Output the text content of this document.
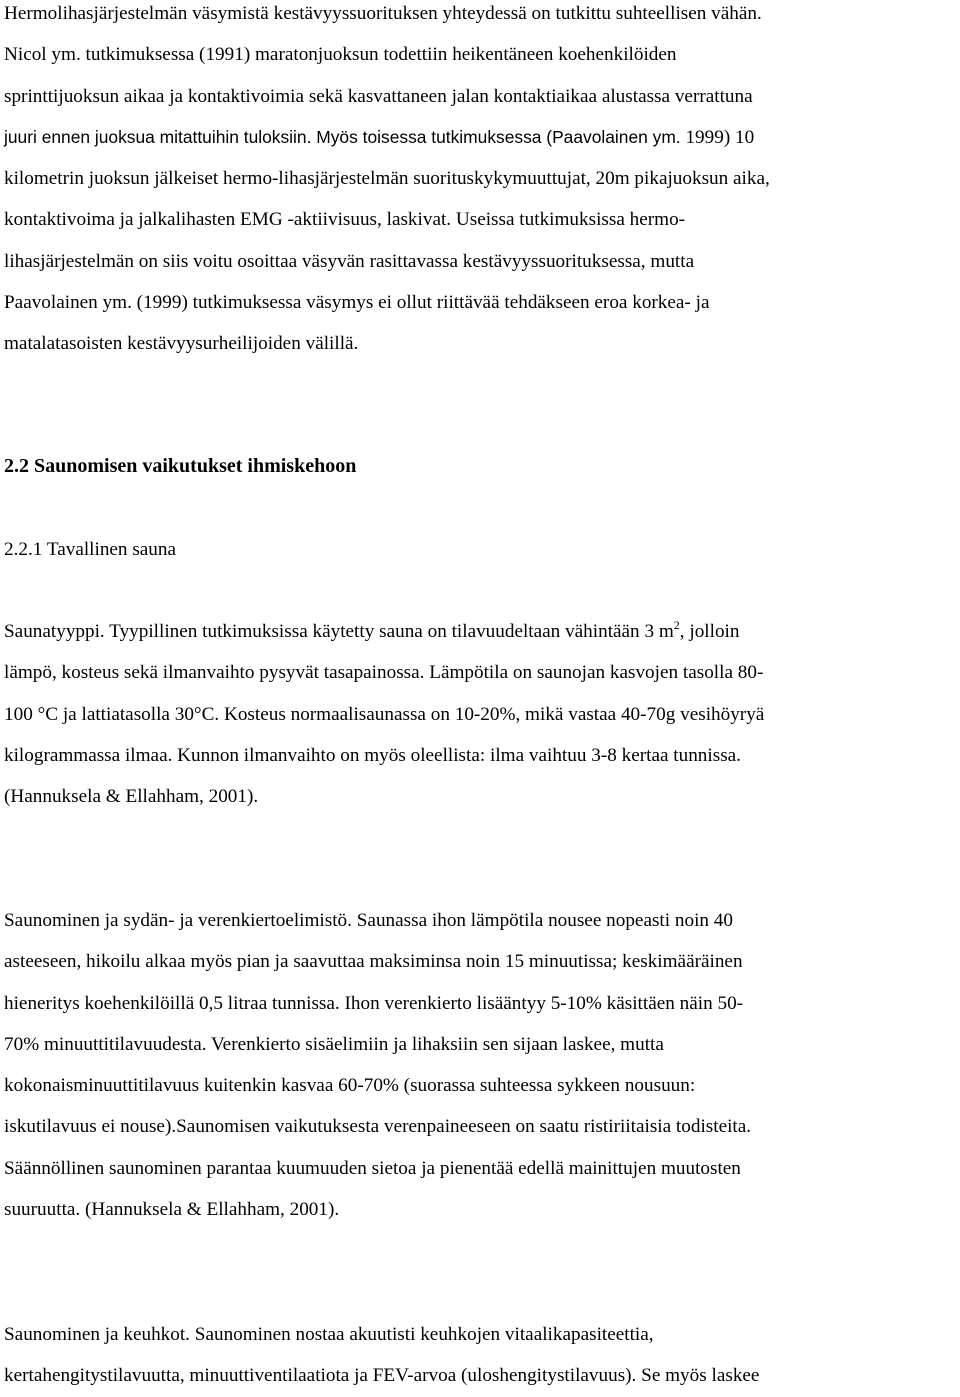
Hermolihasjärjestelmän väsymistä kestävyyssuorituksen yhteydessä on tutkittu suhteellisen vähän.
Nicol ym. tutkimuksessa (1991) maratonjuoksun todettiin heikentäneen koehenkilöiden
sprinttijuoksun aikaa ja kontaktivoimia sekä kasvattaneen jalan kontaktiaikaa alustassa verrattuna
juuri ennen juoksua mitattuihin tuloksiin. Myös toisessa tutkimuksessa (Paavolainen ym. 1999) 10
kilometrin juoksun jälkeiset hermo-lihasjärjestelmän suorituskykymuuttujat, 20m pikajuoksun aika,
kontaktivoima ja jalkalihasten EMG -aktiivisuus, laskivat. Useissa tutkimuksissa hermo-
lihasjärjestelmän on siis voitu osoittaa väsyvän rasittavassa kestävyyssuorituksessa, mutta
Paavolainen ym. (1999) tutkimuksessa väsymys ei ollut riittävää tehdäkseen eroa korkea- ja
matalatasoisten kestävyysurheilijoiden välillä.
2.2 Saunomisen vaikutukset ihmiskehoon
2.2.1 Tavallinen sauna
Saunatyyppi. Tyypillinen tutkimuksissa käytetty sauna on tilavuudeltaan vähintään 3 $m^2$, jolloin
lämpö, kosteus sekä ilmanvaihto pysyvät tasapainossa. Lämpötila on saunojan kasvojen tasolla 80-
100 °C ja lattiatasolla 30°C. Kosteus normaalisaunassa on 10-20%, mikä vastaa 40-70g vesihöyryä
kilogrammassa ilmaa. Kunnon ilmanvaihto on myös oleellista: ilma vaihtuu 3-8 kertaa tunnissa.
(Hannuksela & Ellahham, 2001).
Saunominen ja sydän- ja verenkiertoelimistö. Saunassa ihon lämpötila nousee nopeasti noin 40
asteeseen, hikoilu alkaa myös pian ja saavuttaa maksiminsa noin 15 minuutissa; keskimääräinen
hieneritys koehenkilöillä 0,5 litraa tunnissa. Ihon verenkierto lisääntyy 5-10% käsittäen näin 50-
70% minuuttitilavuudesta. Verenkierto sisäelimiin ja lihaksiin sen sijaan laskee, mutta
kokonaisminuuttitilavuus kuitenkin kasvaa 60-70% (suorassa suhteessa sykkeen nousuun:
iskutilavuus ei nouse).Saunomisen vaikutuksesta verenpaineeseen on saatu ristiriitaisia todisteita.
Säännöllinen saunominen parantaa kuumuuden sietoa ja pienentää edellä mainittujen muutosten
suuruutta. (Hannuksela & Ellahham, 2001).
Saunominen ja keuhkot. Saunominen nostaa akuutisti keuhkojen vitaalikapasiteettia,
kertahengitystilavuutta, minuuttiventilaatiota ja FEV-arvoa (uloshengitystilavuus). Se myös laskee
